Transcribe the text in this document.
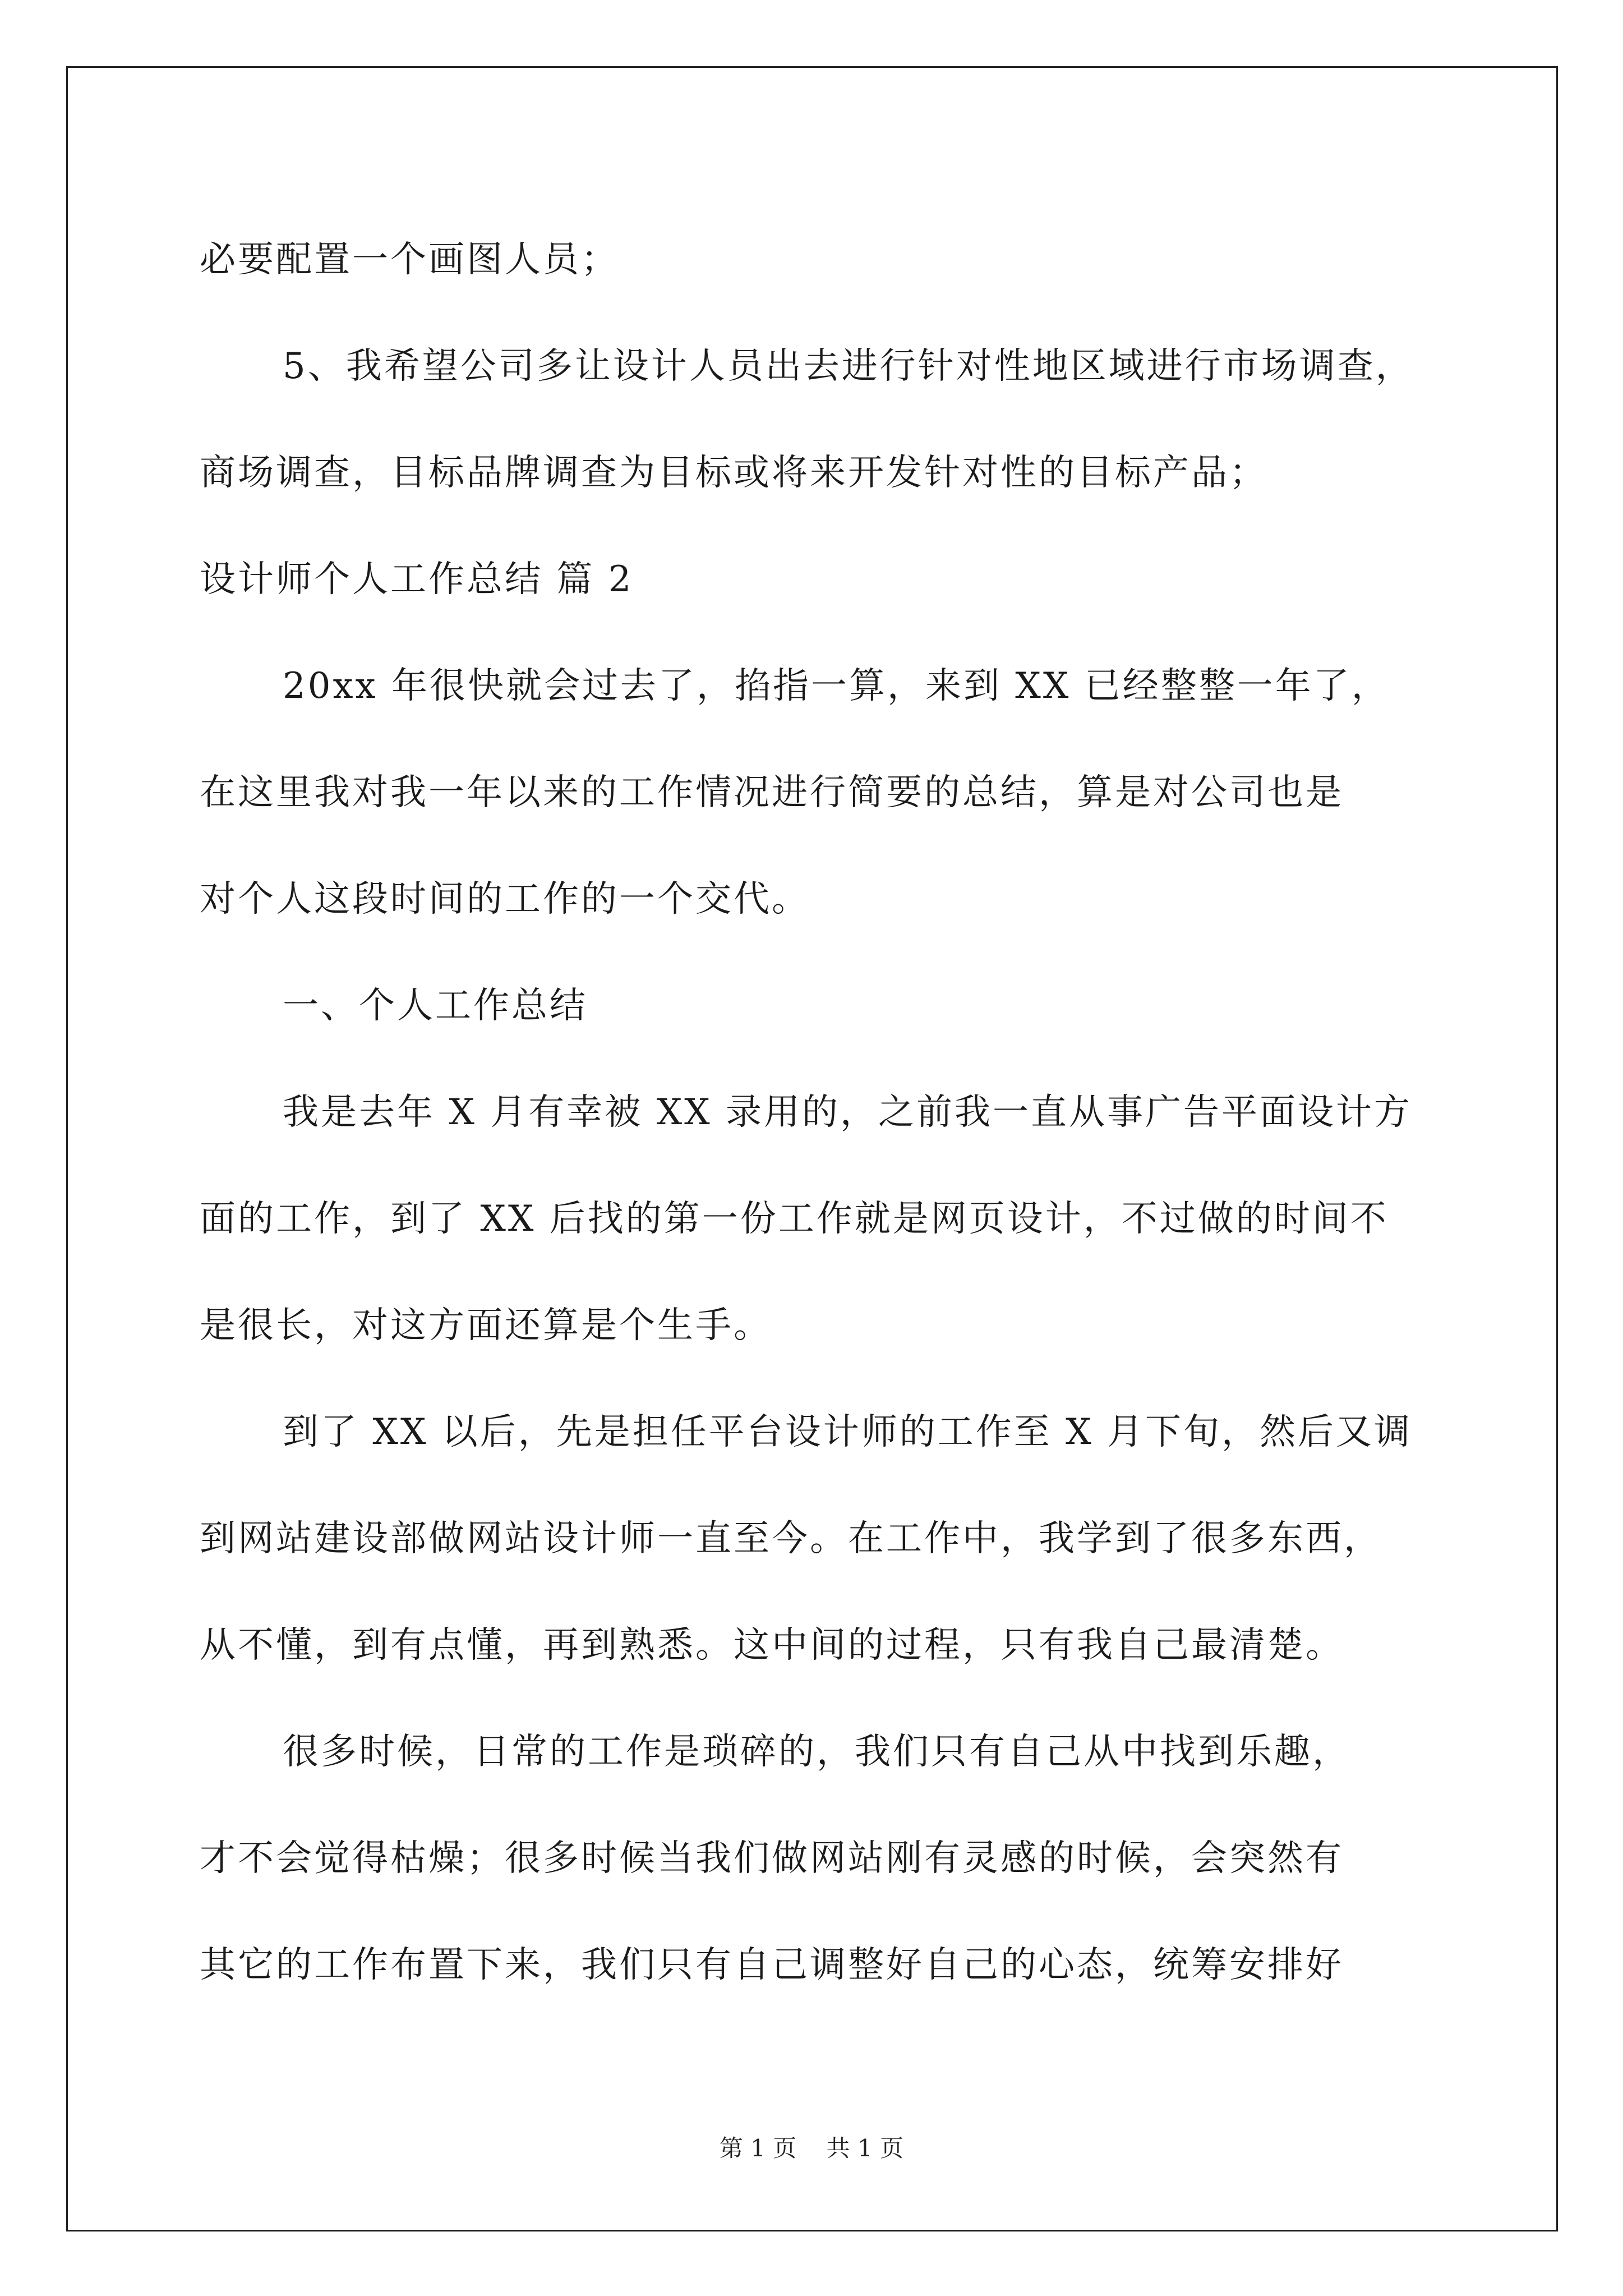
必要配置一个画图人员；
5、我希望公司多让设计人员出去进行针对性地区域进行市场调查，
商场调查，目标品牌调查为目标或将来开发针对性的目标产品；
设计师个人工作总结 篇 2
20xx 年很快就会过去了，掐指一算，来到 XX 已经整整一年了，
在这里我对我一年以来的工作情况进行简要的总结，算是对公司也是
对个人这段时间的工作的一个交代。
一、个人工作总结
我是去年 X 月有幸被 XX 录用的，之前我一直从事广告平面设计方
面的工作，到了 XX 后找的第一份工作就是网页设计，不过做的时间不
是很长，对这方面还算是个生手。
到了 XX 以后，先是担任平台设计师的工作至 X 月下旬，然后又调
到网站建设部做网站设计师一直至今。在工作中，我学到了很多东西，
从不懂，到有点懂，再到熟悉。这中间的过程，只有我自己最清楚。
很多时候，日常的工作是琐碎的，我们只有自己从中找到乐趣，
才不会觉得枯燥；很多时候当我们做网站刚有灵感的时候，会突然有
其它的工作布置下来，我们只有自己调整好自己的心态，统筹安排好
第 1 页 共 1 页
